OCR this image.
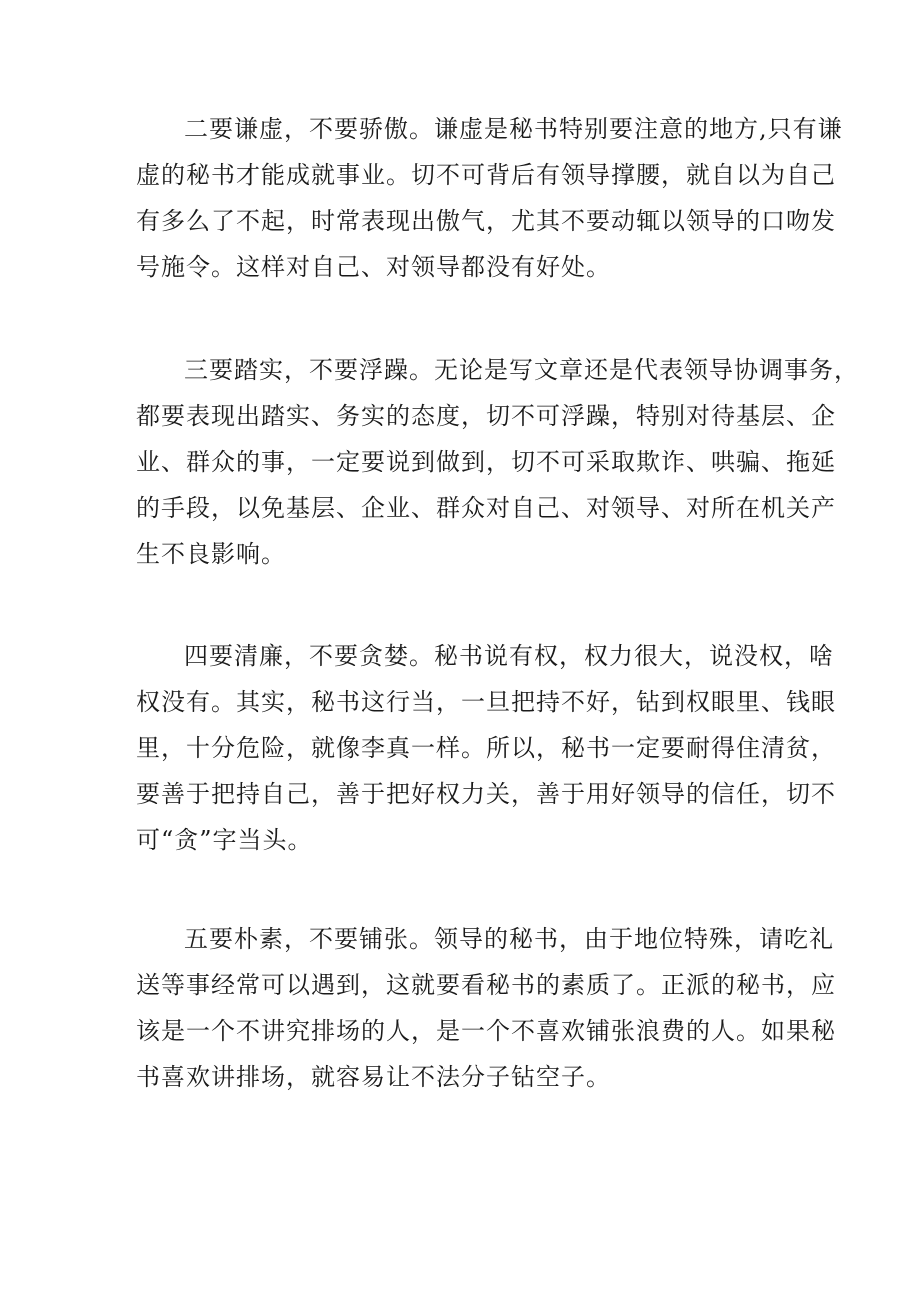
二要谦虚，不要骄傲。谦虚是秘书特别要注意的地方,只有谦
虚的秘书才能成就事业。切不可背后有领导撑腰，就自以为自己
有多么了不起，时常表现出傲气，尤其不要动辄以领导的口吻发
号施令。这样对自己、对领导都没有好处。
三要踏实，不要浮躁。无论是写文章还是代表领导协调事务，
都要表现出踏实、务实的态度，切不可浮躁，特别对待基层、企
业、群众的事，一定要说到做到，切不可采取欺诈、哄骗、拖延
的手段，以免基层、企业、群众对自己、对领导、对所在机关产
生不良影响。
四要清廉，不要贪婪。秘书说有权，权力很大，说没权，啥
权没有。其实，秘书这行当，一旦把持不好，钻到权眼里、钱眼
里，十分危险，就像李真一样。所以，秘书一定要耐得住清贫，
要善于把持自己，善于把好权力关，善于用好领导的信任，切不
可“贪”字当头。
五要朴素，不要铺张。领导的秘书，由于地位特殊，请吃礼
送等事经常可以遇到，这就要看秘书的素质了。正派的秘书，应
该是一个不讲究排场的人，是一个不喜欢铺张浪费的人。如果秘
书喜欢讲排场，就容易让不法分子钻空子。
